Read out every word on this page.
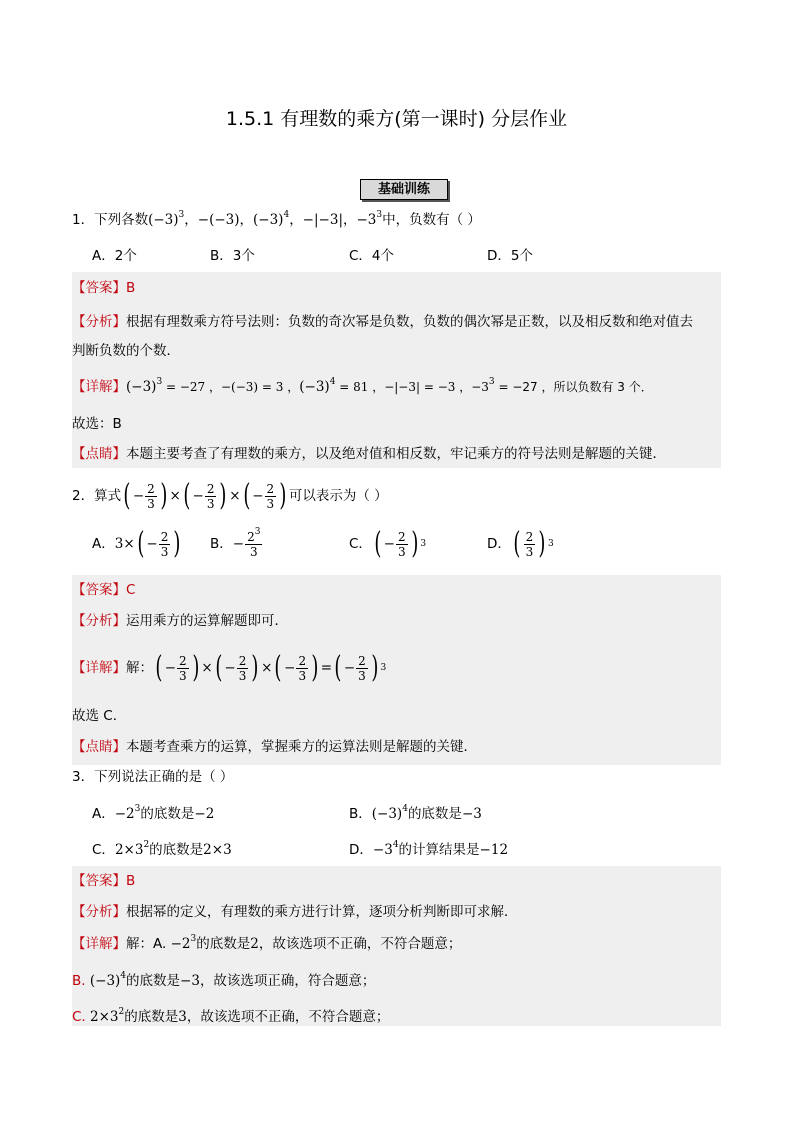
1.5.1 有理数的乘方(第一课时) 分层作业
基础训练
1．下列各数$(-3)^3$，−(−3)，$(-3)^4$，−|−3|，$-3^3$中，负数有（ ）
A．2个	B．3个	C．4个	D．5个
【答案】B
【分析】根据有理数乘方符号法则：负数的奇次幂是负数，负数的偶次幂是正数，以及相反数和绝对值去
判断负数的个数．
【详解】$(-3)^3 = -27$ ，−(−3) = 3 ，$(-3)^4 = 81$ ，−|−3| = −3 ，$-3^3 = -27$ ，所以负数有 3 个．
故选：B
【点睛】本题主要考查了有理数的乘方，以及绝对值和相反数，牢记乘方的符号法则是解题的关键．
2．算式 ( − $\frac{2}{3}$ ) × ( − $\frac{2}{3}$ ) × ( − $\frac{2}{3}$ ) 可以表示为（ ）
A． 3× ( − $\frac{2}{3}$ ) B． − $\frac{2^3}{3}$	C． ( − $\frac{2}{3}$ ) 3	D． ( $\frac{2}{3}$ ) 3
【答案】C
【分析】运用乘方的运算解题即可．
【详解】 解： ( − $\frac{2}{3}$ ) × ( − $\frac{2}{3}$ ) × ( − $\frac{2}{3}$ ) = ( − $\frac{2}{3}$ ) 3
故选 C．
【点睛】本题考查乘方的运算，掌握乘方的运算法则是解题的关键．
3．下列说法正确的是（ ）
A．$-2^3$的底数是−2	B．$(-3)^4$的底数是−3
C．$2\times 3^2$的底数是2×3	D．$-3^4$的计算结果是−12
【答案】B
【分析】根据幂的定义，有理数的乘方进行计算，逐项分析判断即可求解．
【详解】解：A. $-2^3$的底数是2，故该选项不正确，不符合题意；
B. $(-3)^4$的底数是−3，故该选项正确，符合题意；
C. $2\times 3^2$的底数是3，故该选项不正确，不符合题意；
